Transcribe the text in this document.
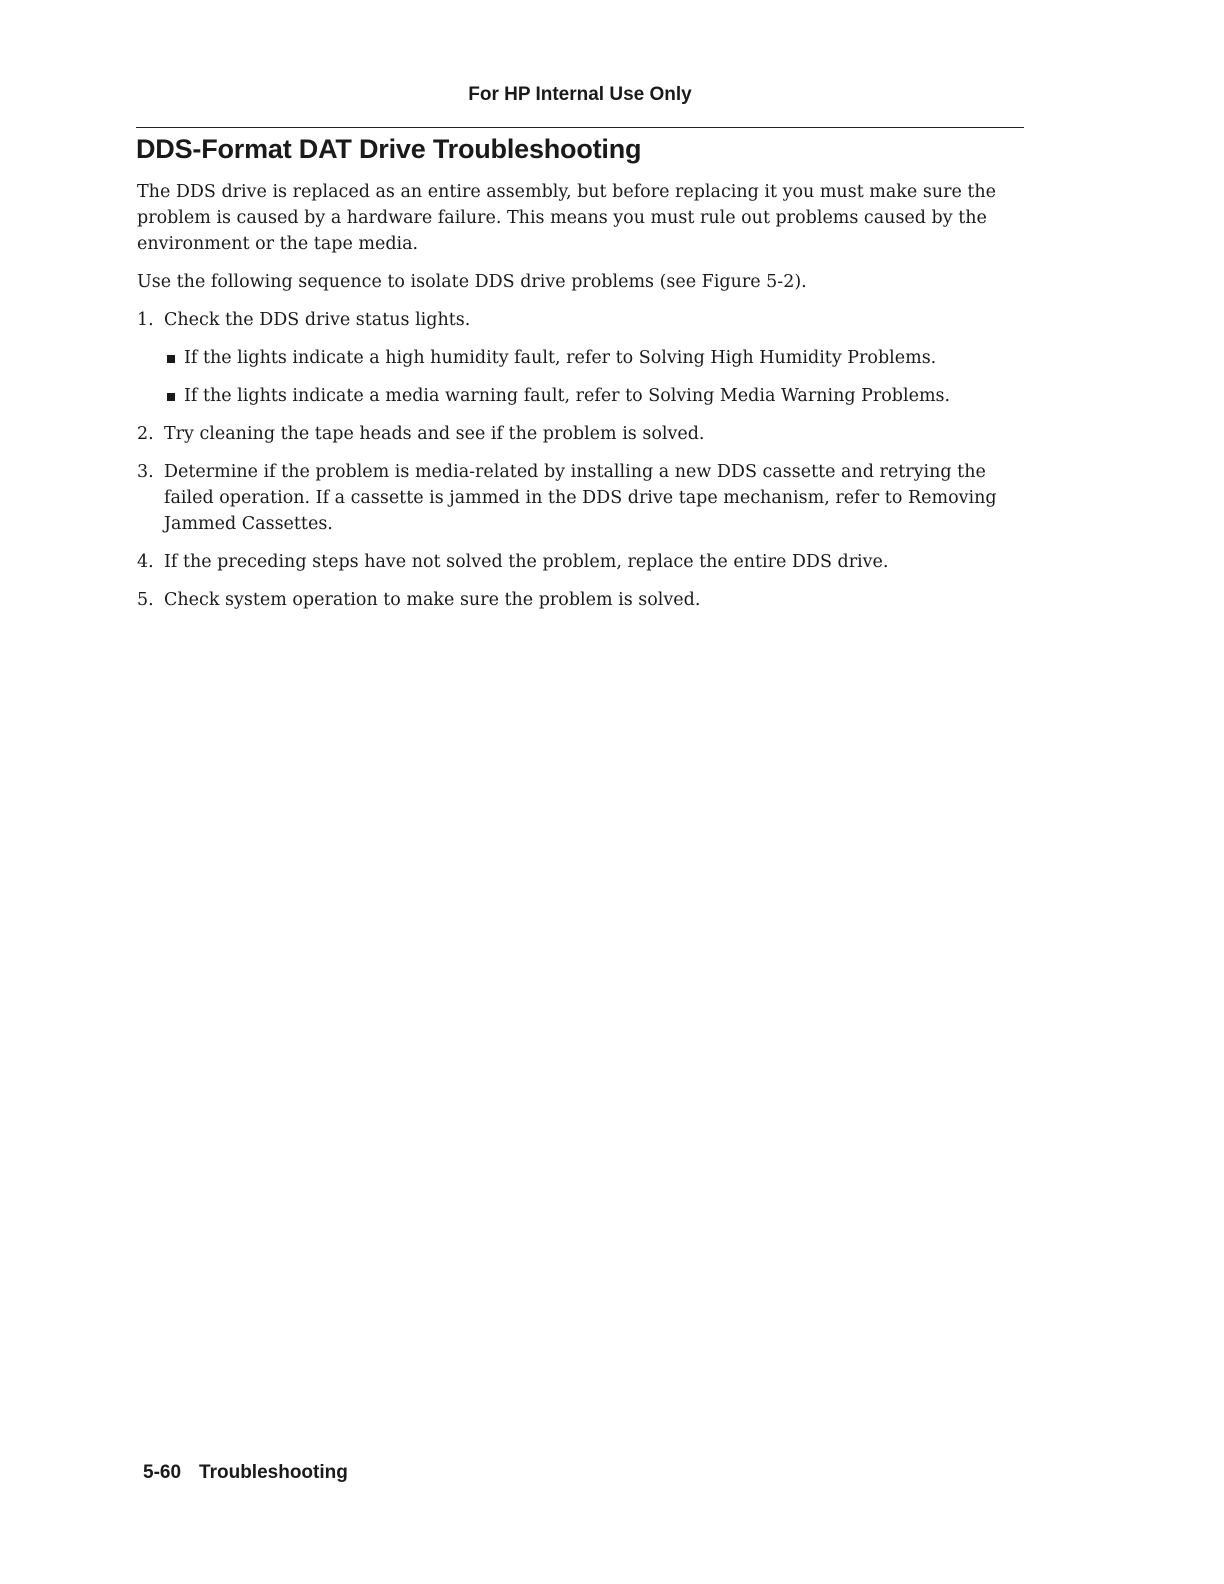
For HP Internal Use Only
DDS-Format DAT Drive Troubleshooting

The DDS drive is replaced as an entire assembly, but before replacing it you must make sure the problem is caused by a hardware failure. This means you must rule out problems caused by the environment or the tape media.

Use the following sequence to isolate DDS drive problems (see Figure 5-2).

1. Check the DDS drive status lights.
If the lights indicate a high humidity fault, refer to Solving High Humidity Problems.
If the lights indicate a media warning fault, refer to Solving Media Warning Problems.
2. Try cleaning the tape heads and see if the problem is solved.
3. Determine if the problem is media-related by installing a new DDS cassette and retrying the failed operation. If a cassette is jammed in the DDS drive tape mechanism, refer to Removing Jammed Cassettes.
4. If the preceding steps have not solved the problem, replace the entire DDS drive.
5. Check system operation to make sure the problem is solved.
5-60 Troubleshooting
